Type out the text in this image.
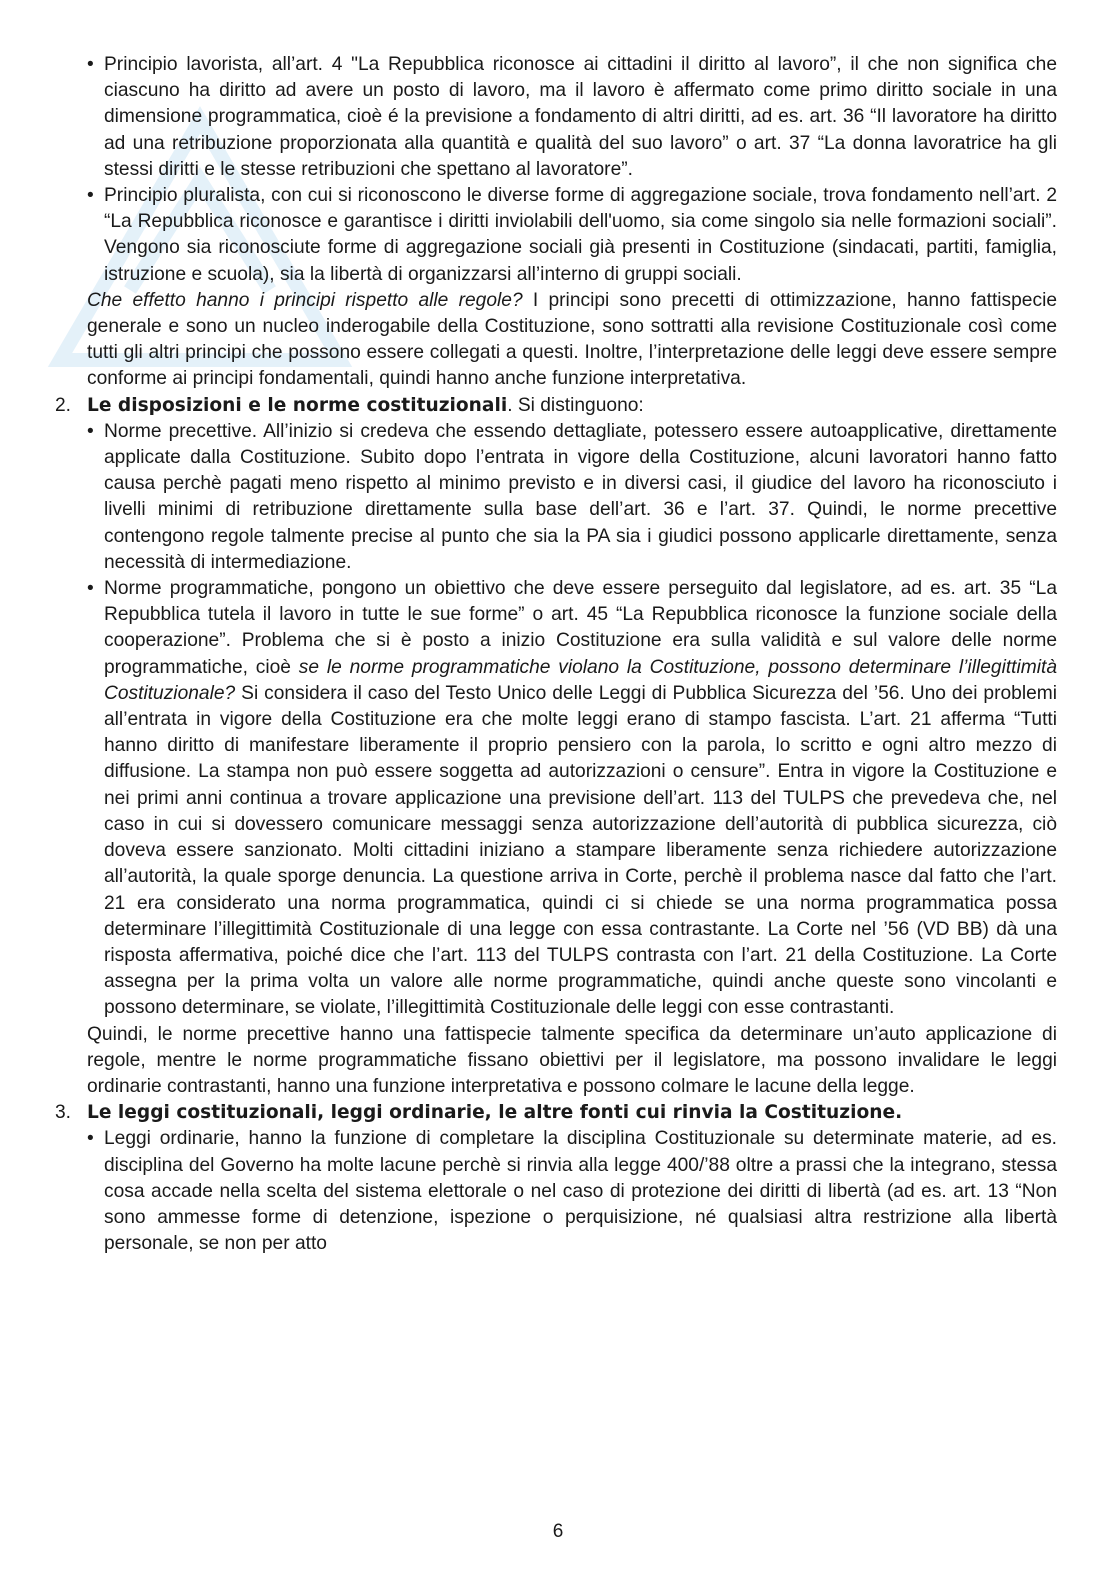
• Principio lavorista, all’art. 4 "La Repubblica riconosce ai cittadini il diritto al lavoro”, il che non significa che ciascuno ha diritto ad avere un posto di lavoro, ma il lavoro è affermato come primo diritto sociale in una dimensione programmatica, cioè é la previsione a fondamento di altri diritti, ad es. art. 36 “Il lavoratore ha diritto ad una retribuzione proporzionata alla quantità e qualità del suo lavoro” o art. 37 “La donna lavoratrice ha gli stessi diritti e le stesse retribuzioni che spettano al lavoratore”.
• Principio pluralista, con cui si riconoscono le diverse forme di aggregazione sociale, trova fondamento nell’art. 2 “La Repubblica riconosce e garantisce i diritti inviolabili dell'uomo, sia come singolo sia nelle formazioni sociali”. Vengono sia riconosciute forme di aggregazione sociali già presenti in Costituzione (sindacati, partiti, famiglia, istruzione e scuola), sia la libertà di organizzarsi all’interno di gruppi sociali.

Che effetto hanno i principi rispetto alle regole? I principi sono precetti di ottimizzazione, hanno fattispecie generale e sono un nucleo inderogabile della Costituzione, sono sottratti alla revisione Costituzionale così come tutti gli altri principi che possono essere collegati a questi. Inoltre, l’interpretazione delle leggi deve essere sempre conforme ai principi fondamentali, quindi hanno anche funzione interpretativa.

2. Le disposizioni e le norme costituzionali. Si distinguono:
• Norme precettive. All’inizio si credeva che essendo dettagliate, potessero essere autoapplicative, direttamente applicate dalla Costituzione. Subito dopo l’entrata in vigore della Costituzione, alcuni lavoratori hanno fatto causa perchè pagati meno rispetto al minimo previsto e in diversi casi, il giudice del lavoro ha riconosciuto i livelli minimi di retribuzione direttamente sulla base dell’art. 36 e l’art. 37. Quindi, le norme precettive contengono regole talmente precise al punto che sia la PA sia i giudici possono applicarle direttamente, senza necessità di intermediazione.
• Norme programmatiche, pongono un obiettivo che deve essere perseguito dal legislatore, ad es. art. 35 “La Repubblica tutela il lavoro in tutte le sue forme” o art. 45 “La Repubblica riconosce la funzione sociale della cooperazione”. Problema che si è posto a inizio Costituzione era sulla validità e sul valore delle norme programmatiche, cioè se le norme programmatiche violano la Costituzione, possono determinare l’illegittimità Costituzionale? Si considera il caso del Testo Unico delle Leggi di Pubblica Sicurezza del ’56. Uno dei problemi all’entrata in vigore della Costituzione era che molte leggi erano di stampo fascista. L’art. 21 afferma “Tutti hanno diritto di manifestare liberamente il proprio pensiero con la parola, lo scritto e ogni altro mezzo di diffusione. La stampa non può essere soggetta ad autorizzazioni o censure”. Entra in vigore la Costituzione e nei primi anni continua a trovare applicazione una previsione dell’art. 113 del TULPS che prevedeva che, nel caso in cui si dovessero comunicare messaggi senza autorizzazione dell’autorità di pubblica sicurezza, ciò doveva essere sanzionato. Molti cittadini iniziano a stampare liberamente senza richiedere autorizzazione all’autorità, la quale sporge denuncia. La questione arriva in Corte, perchè il problema nasce dal fatto che l’art. 21 era considerato una norma programmatica, quindi ci si chiede se una norma programmatica possa determinare l’illegittimità Costituzionale di una legge con essa contrastante. La Corte nel ’56 (VD BB) dà una risposta affermativa, poiché dice che l’art. 113 del TULPS contrasta con l’art. 21 della Costituzione. La Corte assegna per la prima volta un valore alle norme programmatiche, quindi anche queste sono vincolanti e possono determinare, se violate, l’illegittimità Costituzionale delle leggi con esse contrastanti.

Quindi, le norme precettive hanno una fattispecie talmente specifica da determinare un’auto applicazione di regole, mentre le norme programmatiche fissano obiettivi per il legislatore, ma possono invalidare le leggi ordinarie contrastanti, hanno una funzione interpretativa e possono colmare le lacune della legge.

3. Le leggi costituzionali, leggi ordinarie, le altre fonti cui rinvia la Costituzione.
• Leggi ordinarie, hanno la funzione di completare la disciplina Costituzionale su determinate materie, ad es. disciplina del Governo ha molte lacune perchè si rinvia alla legge 400/’88 oltre a prassi che la integrano, stessa cosa accade nella scelta del sistema elettorale o nel caso di protezione dei diritti di libertà (ad es. art. 13 “Non sono ammesse forme di detenzione, ispezione o perquisizione, né qualsiasi altra restrizione alla libertà personale, se non per atto
6
